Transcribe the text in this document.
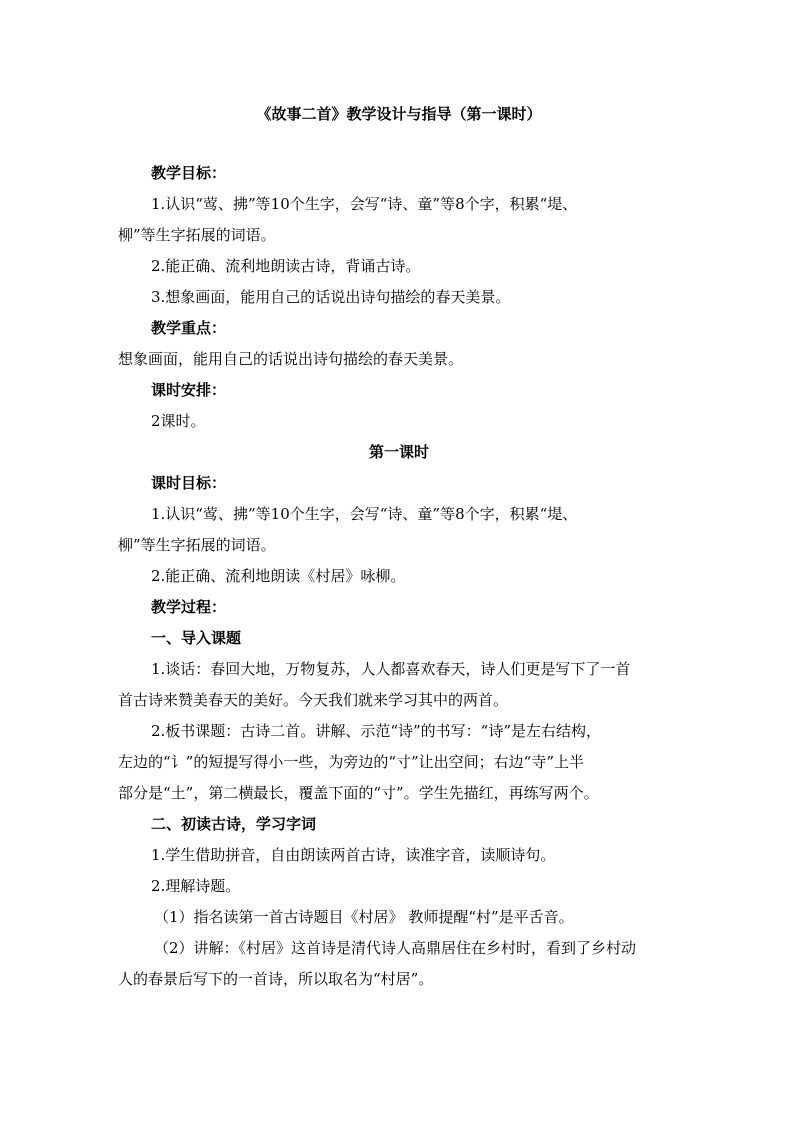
《故事二首》教学设计与指导（第一课时）
教学目标：
1.认识“莺、拂”等10个生字，会写“诗、童”等8个字，积累“堤、
柳”等生字拓展的词语。
2.能正确、流利地朗读古诗，背诵古诗。
3.想象画面，能用自己的话说出诗句描绘的春天美景。
教学重点：
想象画面，能用自己的话说出诗句描绘的春天美景。
课时安排：
2课时。
第一课时
课时目标：
1.认识“莺、拂”等10个生字，会写“诗、童”等8个字，积累“堤、
柳”等生字拓展的词语。
2.能正确、流利地朗读《村居》咏柳。
教学过程：
一、导入课题
1.谈话：春回大地，万物复苏，人人都喜欢春天，诗人们更是写下了一首
首古诗来赞美春天的美好。今天我们就来学习其中的两首。
2.板书课题：古诗二首。讲解、示范“诗”的书写：“诗”是左右结构，
左边的“讠”的短提写得小一些，为旁边的“寸”让出空间；右边“寺”上半
部分是“土”，第二横最长，覆盖下面的“寸”。学生先描红，再练写两个。
二、初读古诗，学习字词
1.学生借助拼音，自由朗读两首古诗，读准字音，读顺诗句。
2.理解诗题。
（1）指名读第一首古诗题目《村居》 教师提醒“村”是平舌音。
（2）讲解：《村居》这首诗是清代诗人高鼎居住在乡村时，看到了乡村动
人的春景后写下的一首诗，所以取名为“村居”。
